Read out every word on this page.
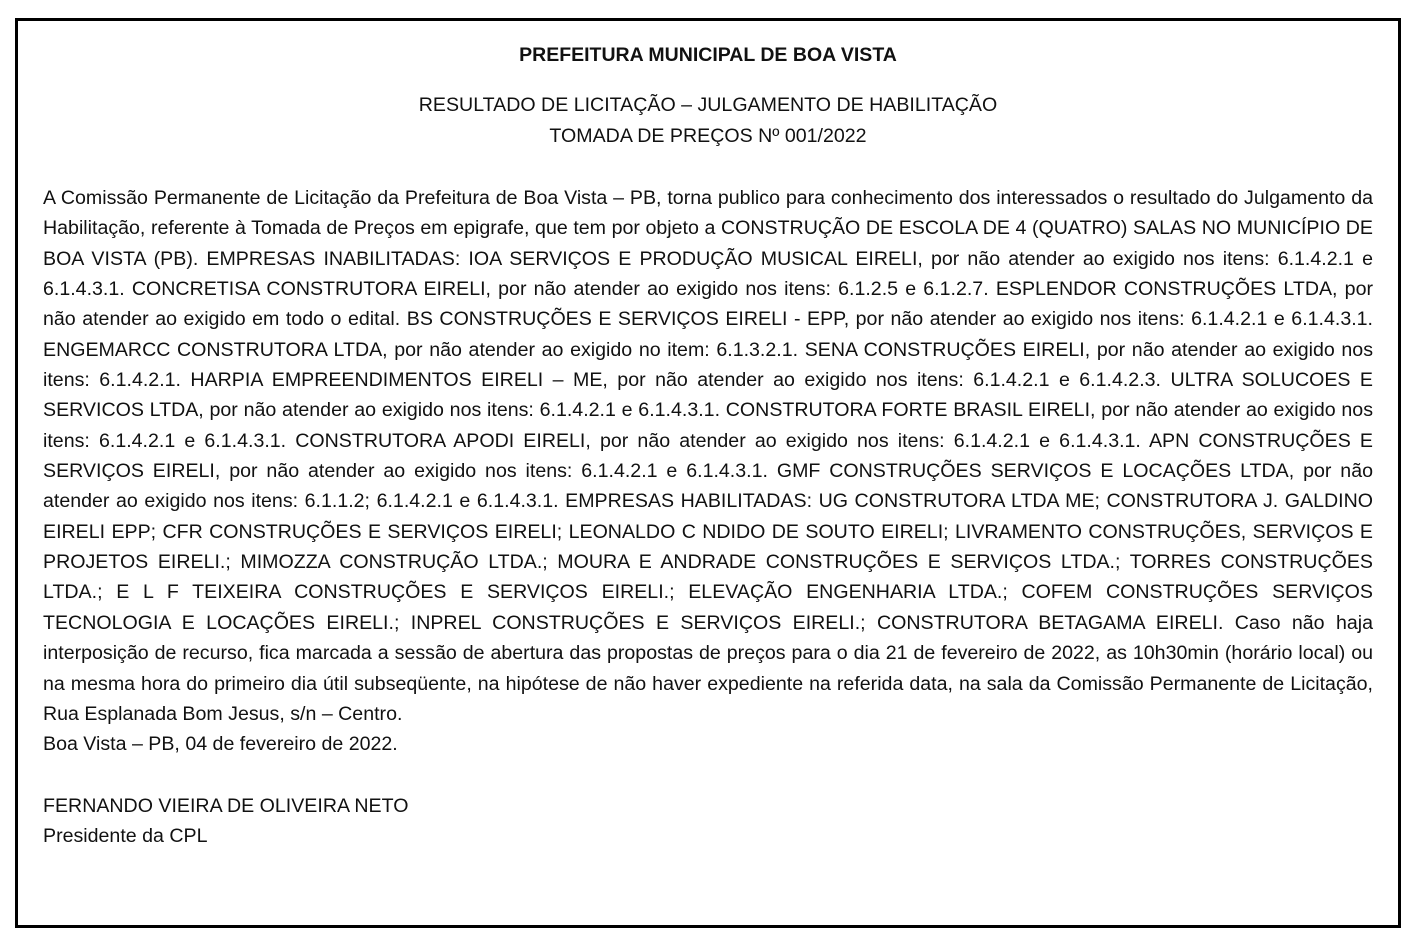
PREFEITURA MUNICIPAL DE BOA VISTA
RESULTADO DE LICITAÇÃO – JULGAMENTO DE HABILITAÇÃO
TOMADA DE PREÇOS Nº 001/2022
A Comissão Permanente de Licitação da Prefeitura de Boa Vista – PB, torna publico para conhecimento dos interessados o resultado do Julgamento da Habilitação, referente à Tomada de Preços em epigrafe, que tem por objeto a CONSTRUÇÃO DE ESCOLA DE 4 (QUATRO) SALAS NO MUNICÍPIO DE BOA VISTA (PB). EMPRESAS INABILITADAS: IOA SERVIÇOS E PRODUÇÃO MUSICAL EIRELI, por não atender ao exigido nos itens: 6.1.4.2.1 e 6.1.4.3.1. CONCRETISA CONSTRUTORA EIRELI, por não atender ao exigido nos itens: 6.1.2.5 e 6.1.2.7. ESPLENDOR CONSTRUÇÕES LTDA, por não atender ao exigido em todo o edital. BS CONSTRUÇÕES E SERVIÇOS EIRELI - EPP, por não atender ao exigido nos itens: 6.1.4.2.1 e 6.1.4.3.1. ENGEMARCC CONSTRUTORA LTDA, por não atender ao exigido no item: 6.1.3.2.1. SENA CONSTRUÇÕES EIRELI, por não atender ao exigido nos itens: 6.1.4.2.1. HARPIA EMPREENDIMENTOS EIRELI – ME, por não atender ao exigido nos itens: 6.1.4.2.1 e 6.1.4.2.3. ULTRA SOLUCOES E SERVICOS LTDA, por não atender ao exigido nos itens: 6.1.4.2.1 e 6.1.4.3.1. CONSTRUTORA FORTE BRASIL EIRELI, por não atender ao exigido nos itens: 6.1.4.2.1 e 6.1.4.3.1. CONSTRUTORA APODI EIRELI, por não atender ao exigido nos itens: 6.1.4.2.1 e 6.1.4.3.1. APN CONSTRUÇÕES E SERVIÇOS EIRELI, por não atender ao exigido nos itens: 6.1.4.2.1 e 6.1.4.3.1. GMF CONSTRUÇÕES SERVIÇOS E LOCAÇÕES LTDA, por não atender ao exigido nos itens: 6.1.1.2; 6.1.4.2.1 e 6.1.4.3.1. EMPRESAS HABILITADAS: UG CONSTRUTORA LTDA ME; CONSTRUTORA J. GALDINO EIRELI EPP; CFR CONSTRUÇÕES E SERVIÇOS EIRELI; LEONALDO C NDIDO DE SOUTO EIRELI; LIVRAMENTO CONSTRUÇÕES, SERVIÇOS E PROJETOS EIRELI.; MIMOZZA CONSTRUÇÃO LTDA.; MOURA E ANDRADE CONSTRUÇÕES E SERVIÇOS LTDA.; TORRES CONSTRUÇÕES LTDA.; E L F TEIXEIRA CONSTRUÇÕES E SERVIÇOS EIRELI.; ELEVAÇÃO ENGENHARIA LTDA.; COFEM CONSTRUÇÕES SERVIÇOS TECNOLOGIA E LOCAÇÕES EIRELI.; INPREL CONSTRUÇÕES E SERVIÇOS EIRELI.; CONSTRUTORA BETAGAMA EIRELI. Caso não haja interposição de recurso, fica marcada a sessão de abertura das propostas de preços para o dia 21 de fevereiro de 2022, as 10h30min (horário local) ou na mesma hora do primeiro dia útil subseqüente, na hipótese de não haver expediente na referida data, na sala da Comissão Permanente de Licitação, Rua Esplanada Bom Jesus, s/n – Centro.
Boa Vista – PB, 04 de fevereiro de 2022.
FERNANDO VIEIRA DE OLIVEIRA NETO
Presidente da CPL
